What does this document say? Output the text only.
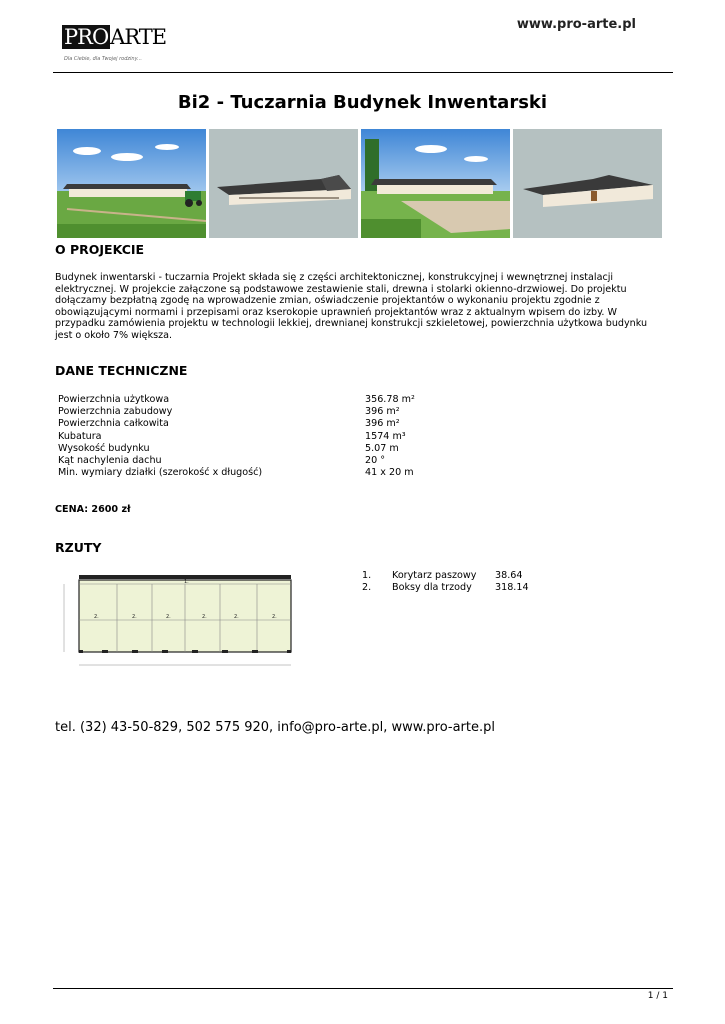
PROARTE
Dla Ciebie, dla Twojej rodziny...
www.pro-arte.pl
Bi2 - Tuczarnia Budynek Inwentarski
O PROJEKCIE
Budynek inwentarski - tuczarnia Projekt składa się z części architektonicznej, konstrukcyjnej i wewnętrznej instalacji elektrycznej. W projekcie załączone są podstawowe zestawienie stali, drewna i stolarki okienno-drzwiowej. Do projektu dołączamy bezpłatną zgodę na wprowadzenie zmian, oświadczenie projektantów o wykonaniu projektu zgodnie z obowiązującymi normami i przepisami oraz kserokopie uprawnień projektantów wraz z aktualnym wpisem do izby. W przypadku zamówienia projektu w technologii lekkiej, drewnianej konstrukcji szkieletowej, powierzchnia użytkowa budynku jest o około 7% większa.
DANE TECHNICZNE
Powierzchnia użytkowa	356.78 m²
Powierzchnia zabudowy	396 m²
Powierzchnia całkowita	396 m²
Kubatura	1574 m³
Wysokość budynku	5.07 m
Kąt nachylenia dachu	20 °
Min. wymiary działki (szerokość x długość)	41 x 20 m
CENA: 2600 zł
RZUTY
1.
2.	2.	2.	2.	2.	2.
1. Korytarz paszowy 38.64
2. Boksy dla trzody 318.14
tel. (32) 43-50-829, 502 575 920, info@pro-arte.pl, www.pro-arte.pl
1 / 1
